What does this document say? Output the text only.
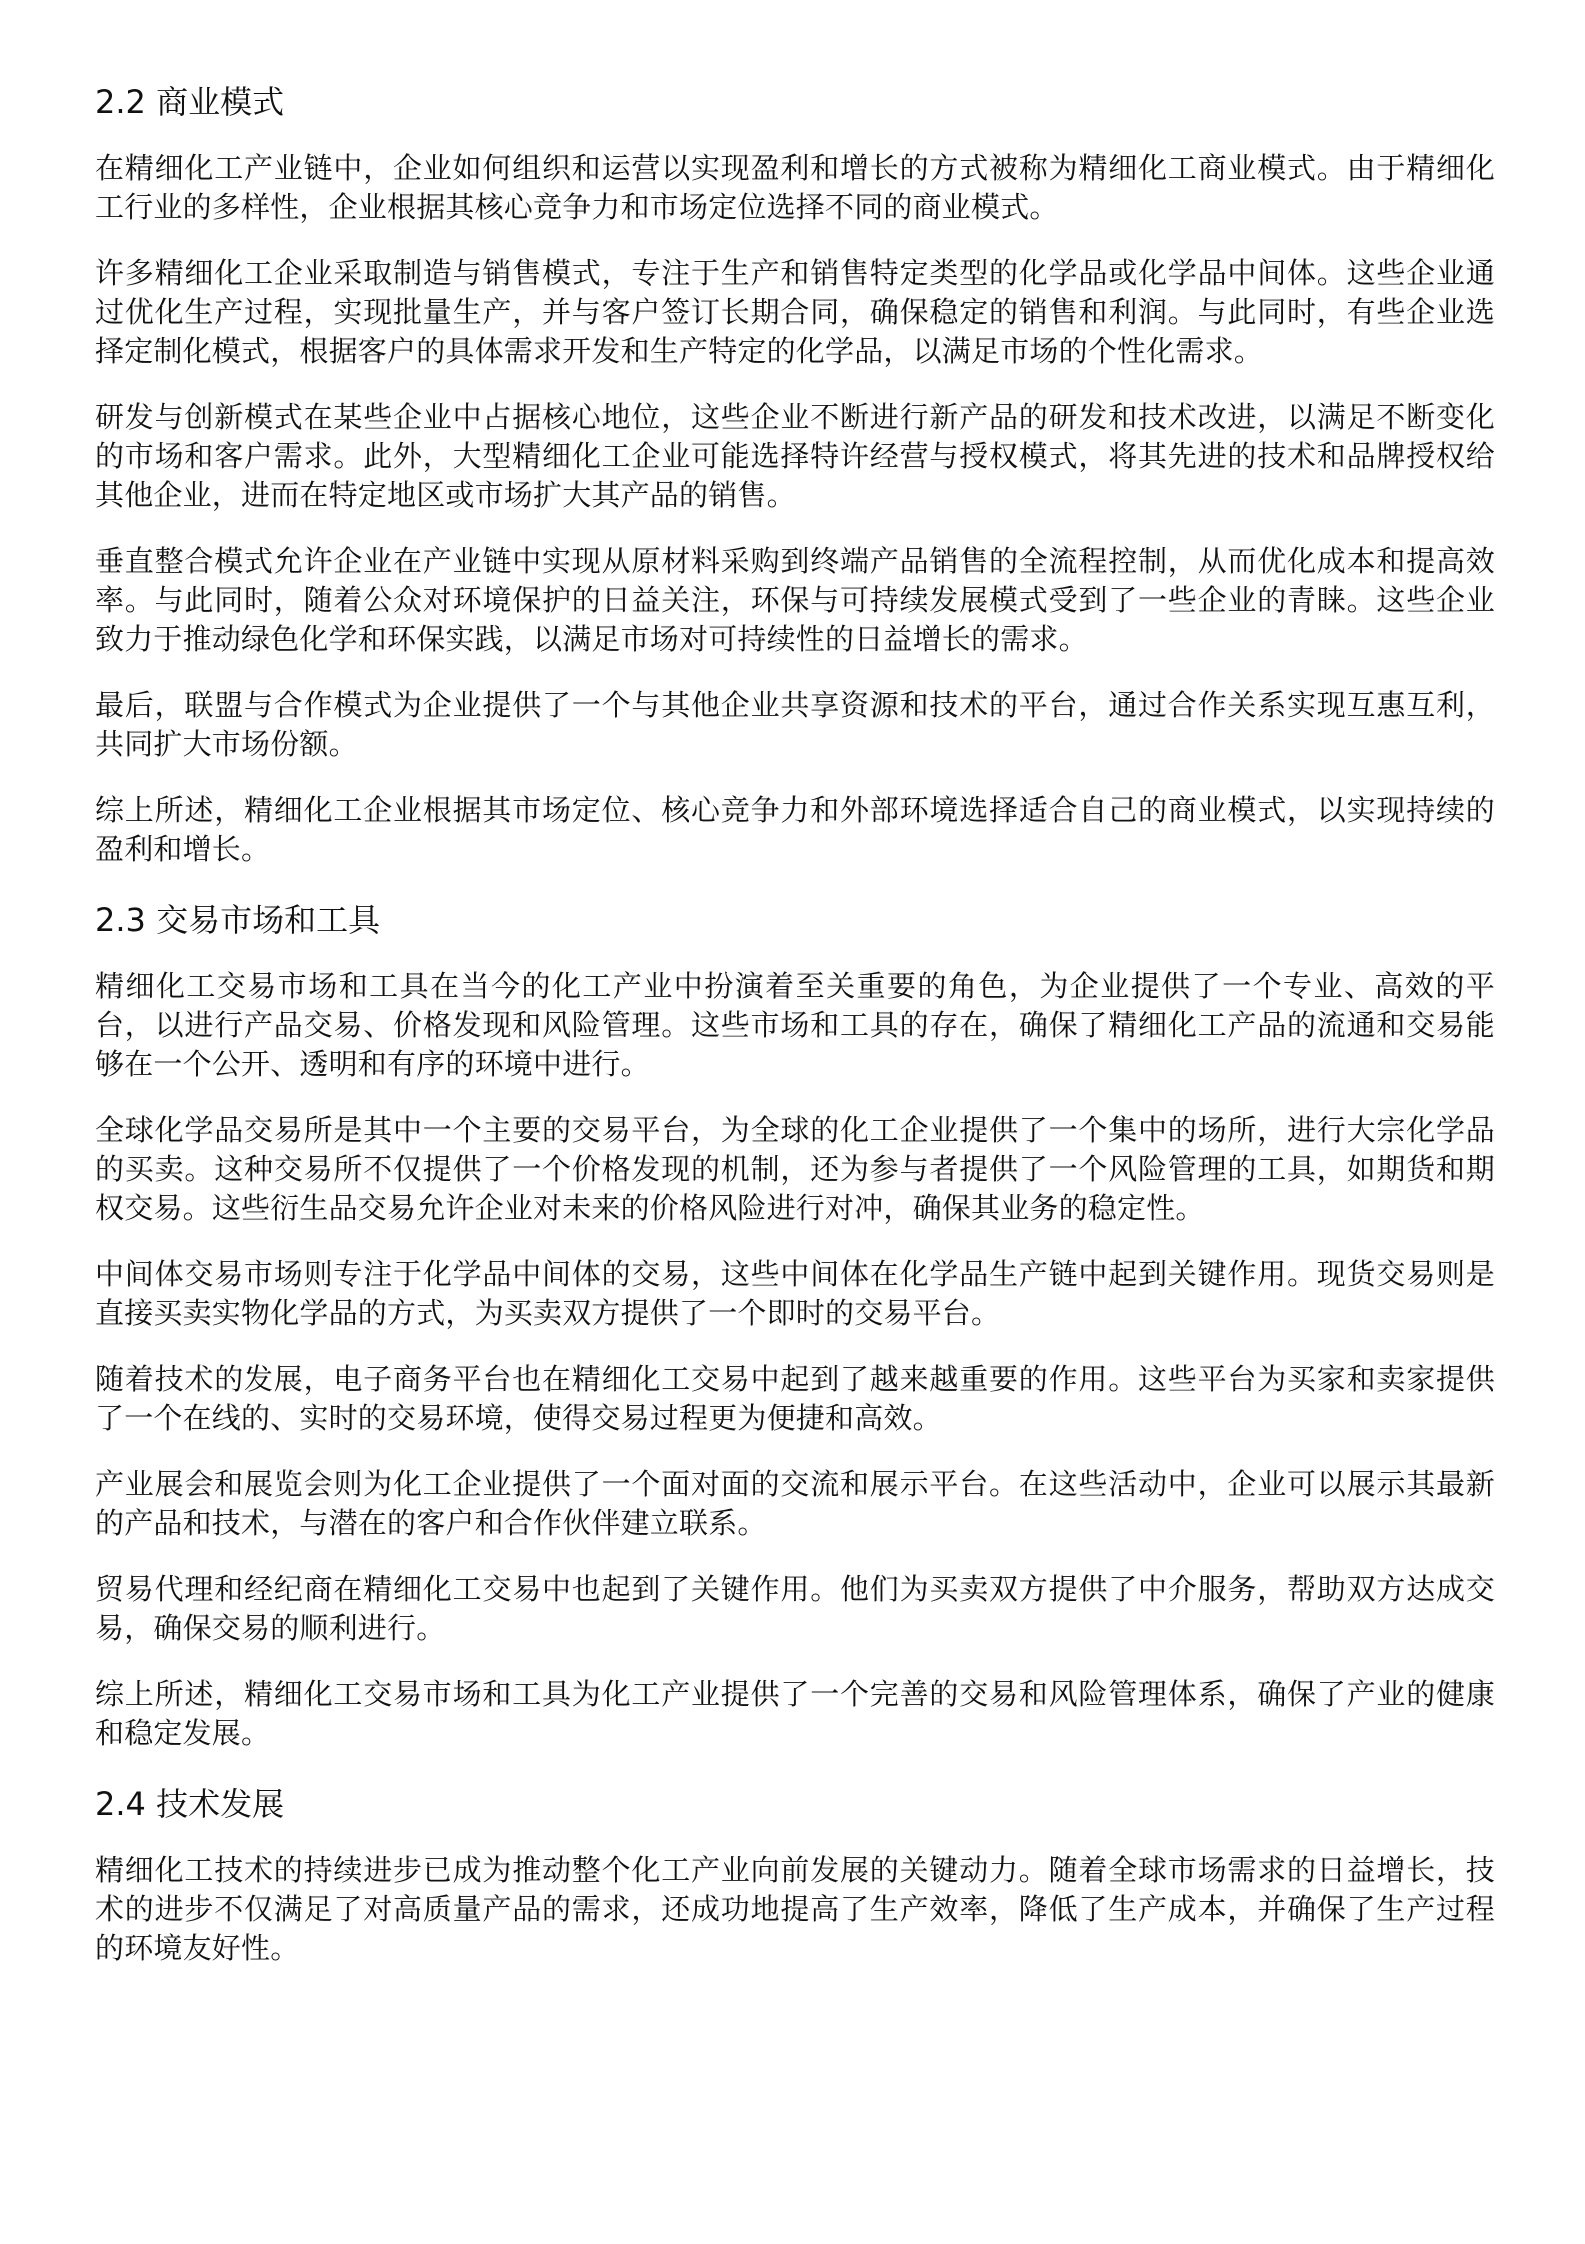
2.2 商业模式

在精细化工产业链中，企业如何组织和运营以实现盈利和增长的方式被称为精细化工商业模式。由于精细化工行业的多样性，企业根据其核心竞争力和市场定位选择不同的商业模式。

许多精细化工企业采取制造与销售模式，专注于生产和销售特定类型的化学品或化学品中间体。这些企业通过优化生产过程，实现批量生产，并与客户签订长期合同，确保稳定的销售和利润。与此同时，有些企业选择定制化模式，根据客户的具体需求开发和生产特定的化学品，以满足市场的个性化需求。

研发与创新模式在某些企业中占据核心地位，这些企业不断进行新产品的研发和技术改进，以满足不断变化的市场和客户需求。此外，大型精细化工企业可能选择特许经营与授权模式，将其先进的技术和品牌授权给其他企业，进而在特定地区或市场扩大其产品的销售。

垂直整合模式允许企业在产业链中实现从原材料采购到终端产品销售的全流程控制，从而优化成本和提高效率。与此同时，随着公众对环境保护的日益关注，环保与可持续发展模式受到了一些企业的青睐。这些企业致力于推动绿色化学和环保实践，以满足市场对可持续性的日益增长的需求。

最后，联盟与合作模式为企业提供了一个与其他企业共享资源和技术的平台，通过合作关系实现互惠互利，共同扩大市场份额。

综上所述，精细化工企业根据其市场定位、核心竞争力和外部环境选择适合自己的商业模式，以实现持续的盈利和增长。

2.3 交易市场和工具

精细化工交易市场和工具在当今的化工产业中扮演着至关重要的角色，为企业提供了一个专业、高效的平台，以进行产品交易、价格发现和风险管理。这些市场和工具的存在，确保了精细化工产品的流通和交易能够在一个公开、透明和有序的环境中进行。

全球化学品交易所是其中一个主要的交易平台，为全球的化工企业提供了一个集中的场所，进行大宗化学品的买卖。这种交易所不仅提供了一个价格发现的机制，还为参与者提供了一个风险管理的工具，如期货和期权交易。这些衍生品交易允许企业对未来的价格风险进行对冲，确保其业务的稳定性。

中间体交易市场则专注于化学品中间体的交易，这些中间体在化学品生产链中起到关键作用。现货交易则是直接买卖实物化学品的方式，为买卖双方提供了一个即时的交易平台。

随着技术的发展，电子商务平台也在精细化工交易中起到了越来越重要的作用。这些平台为买家和卖家提供了一个在线的、实时的交易环境，使得交易过程更为便捷和高效。

产业展会和展览会则为化工企业提供了一个面对面的交流和展示平台。在这些活动中，企业可以展示其最新的产品和技术，与潜在的客户和合作伙伴建立联系。

贸易代理和经纪商在精细化工交易中也起到了关键作用。他们为买卖双方提供了中介服务，帮助双方达成交易，确保交易的顺利进行。

综上所述，精细化工交易市场和工具为化工产业提供了一个完善的交易和风险管理体系，确保了产业的健康和稳定发展。

2.4 技术发展

精细化工技术的持续进步已成为推动整个化工产业向前发展的关键动力。随着全球市场需求的日益增长，技术的进步不仅满足了对高质量产品的需求，还成功地提高了生产效率，降低了生产成本，并确保了生产过程的环境友好性。
